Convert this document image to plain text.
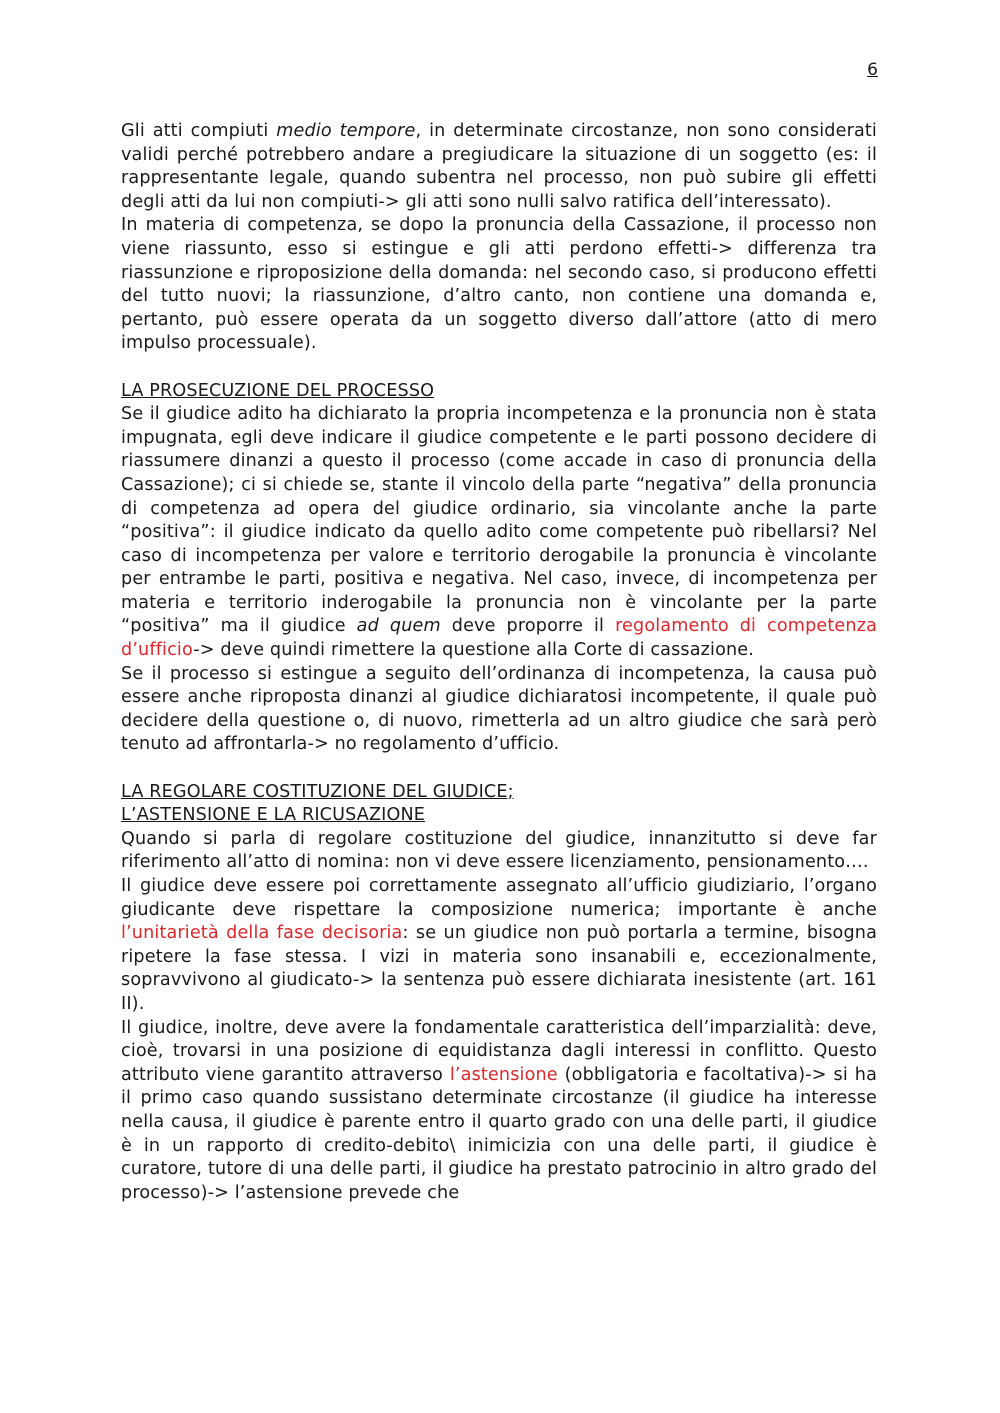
6

Gli atti compiuti medio tempore, in determinate circostanze, non sono considerati validi perché potrebbero andare a pregiudicare la situazione di un soggetto (es: il rappresentante legale, quando subentra nel processo, non può subire gli effetti degli atti da lui non compiuti-> gli atti sono nulli salvo ratifica dell’interessato).

In materia di competenza, se dopo la pronuncia della Cassazione, il processo non viene riassunto, esso si estingue e gli atti perdono effetti-> differenza tra riassunzione e riproposizione della domanda: nel secondo caso, si producono effetti del tutto nuovi; la riassunzione, d’altro canto, non contiene una domanda e, pertanto, può essere operata da un soggetto diverso dall’attore (atto di mero impulso processuale).

LA PROSECUZIONE DEL PROCESSO

Se il giudice adito ha dichiarato la propria incompetenza e la pronuncia non è stata impugnata, egli deve indicare il giudice competente e le parti possono decidere di riassumere dinanzi a questo il processo (come accade in caso di pronuncia della Cassazione); ci si chiede se, stante il vincolo della parte “negativa” della pronuncia di competenza ad opera del giudice ordinario, sia vincolante anche la parte “positiva”: il giudice indicato da quello adito come competente può ribellarsi? Nel caso di incompetenza per valore e territorio derogabile la pronuncia è vincolante per entrambe le parti, positiva e negativa. Nel caso, invece, di incompetenza per materia e territorio inderogabile la pronuncia non è vincolante per la parte “positiva” ma il giudice ad quem deve proporre il regolamento di competenza d’ufficio-> deve quindi rimettere la questione alla Corte di cassazione.

Se il processo si estingue a seguito dell’ordinanza di incompetenza, la causa può essere anche riproposta dinanzi al giudice dichiaratosi incompetente, il quale può decidere della questione o, di nuovo, rimetterla ad un altro giudice che sarà però tenuto ad affrontarla-> no regolamento d’ufficio.

LA REGOLARE COSTITUZIONE DEL GIUDICE;

L’ASTENSIONE E LA RICUSAZIONE

Quando si parla di regolare costituzione del giudice, innanzitutto si deve far riferimento all’atto di nomina: non vi deve essere licenziamento, pensionamento….

Il giudice deve essere poi correttamente assegnato all’ufficio giudiziario, l’organo giudicante deve rispettare la composizione numerica; importante è anche l’unitarietà della fase decisoria: se un giudice non può portarla a termine, bisogna ripetere la fase stessa. I vizi in materia sono insanabili e, eccezionalmente, sopravvivono al giudicato-> la sentenza può essere dichiarata inesistente (art. 161 II).

Il giudice, inoltre, deve avere la fondamentale caratteristica dell’imparzialità: deve, cioè, trovarsi in una posizione di equidistanza dagli interessi in conflitto. Questo attributo viene garantito attraverso l’astensione (obbligatoria e facoltativa)-> si ha il primo caso quando sussistano determinate circostanze (il giudice ha interesse nella causa, il giudice è parente entro il quarto grado con una delle parti, il giudice è in un rapporto di credito-debito\ inimicizia con una delle parti, il giudice è curatore, tutore di una delle parti, il giudice ha prestato patrocinio in altro grado del processo)-> l’astensione prevede che
